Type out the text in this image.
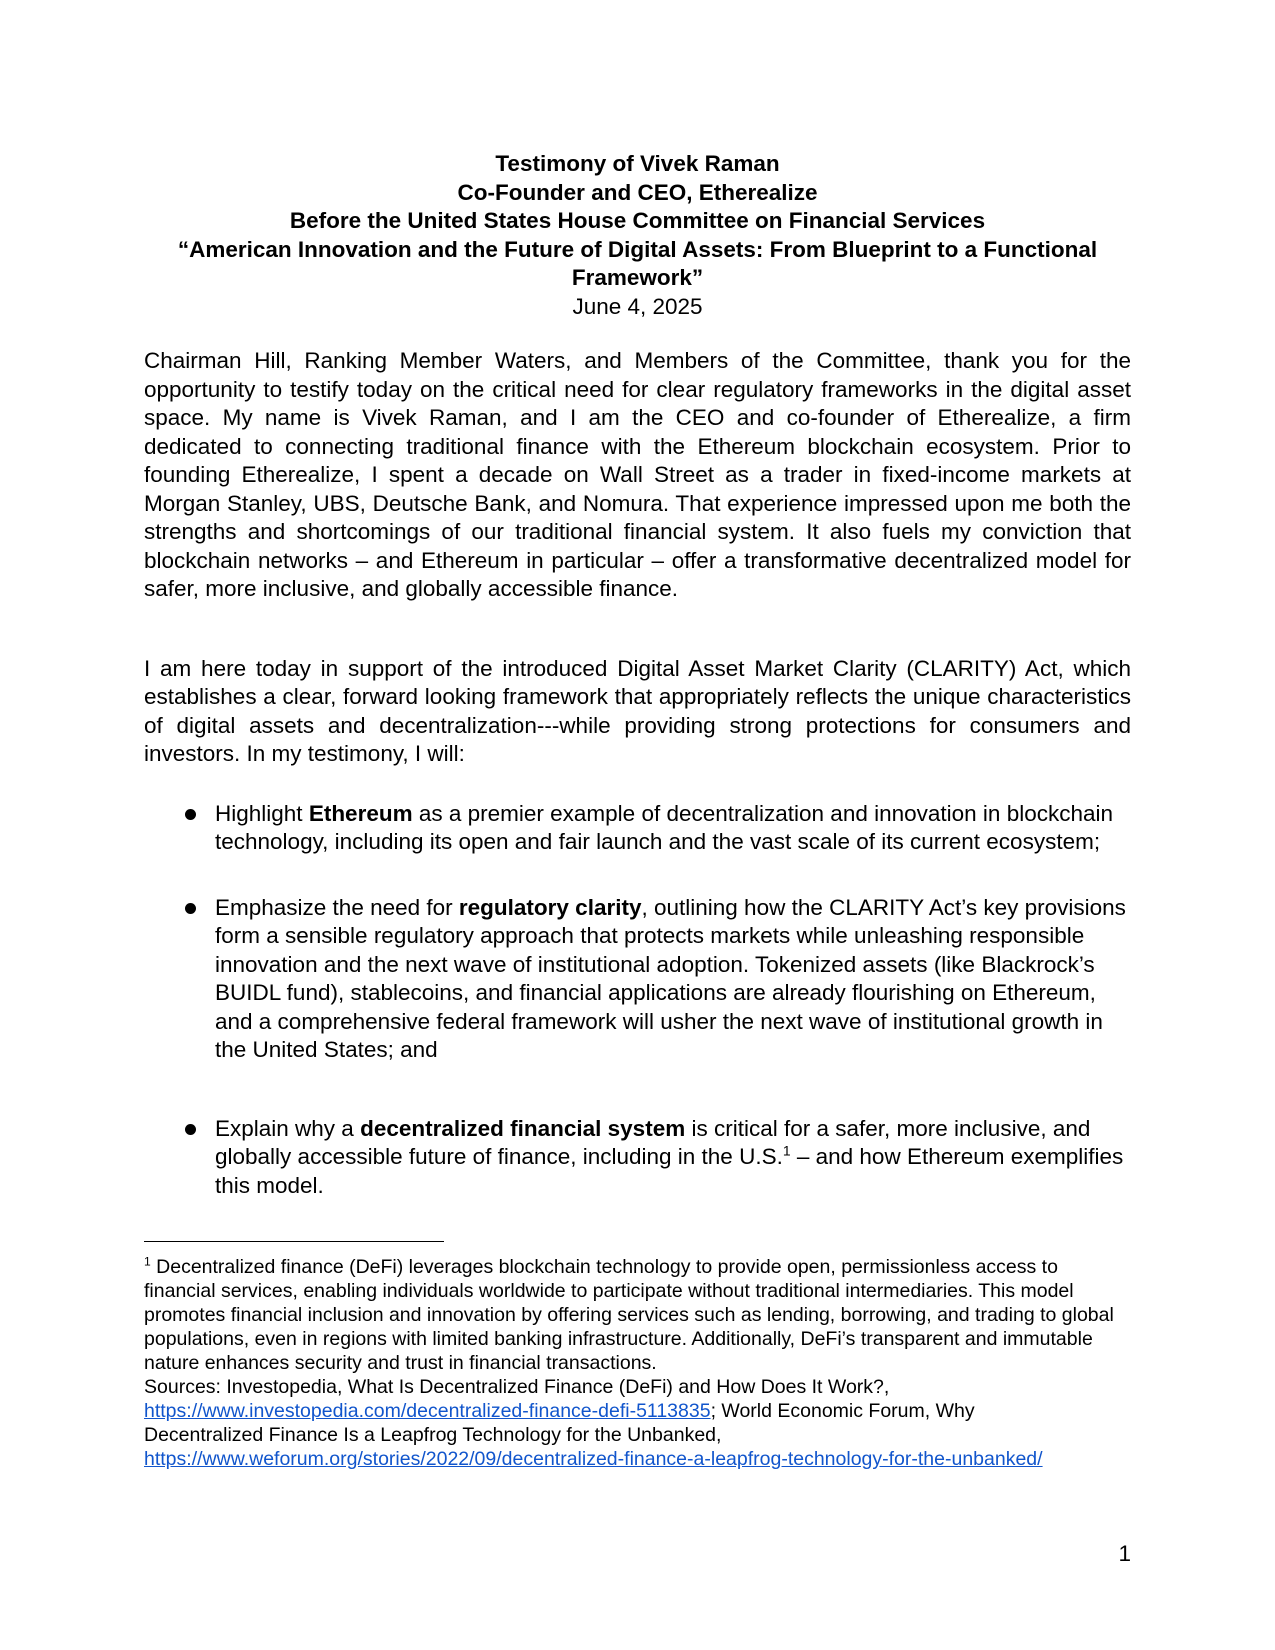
Testimony of Vivek Raman
Co-Founder and CEO, Etherealize
Before the United States House Committee on Financial Services
“American Innovation and the Future of Digital Assets: From Blueprint to a Functional Framework”
June 4, 2025

Chairman Hill, Ranking Member Waters, and Members of the Committee, thank you for the opportunity to testify today on the critical need for clear regulatory frameworks in the digital asset space. My name is Vivek Raman, and I am the CEO and co-founder of Etherealize, a firm dedicated to connecting traditional finance with the Ethereum blockchain ecosystem. Prior to founding Etherealize, I spent a decade on Wall Street as a trader in fixed-income markets at Morgan Stanley, UBS, Deutsche Bank, and Nomura. That experience impressed upon me both the strengths and shortcomings of our traditional financial system. It also fuels my conviction that blockchain networks – and Ethereum in particular – offer a transformative decentralized model for safer, more inclusive, and globally accessible finance.

I am here today in support of the introduced Digital Asset Market Clarity (CLARITY) Act, which establishes a clear, forward looking framework that appropriately reflects the unique characteristics of digital assets and decentralization---while providing strong protections for consumers and investors. In my testimony, I will:

Highlight Ethereum as a premier example of decentralization and innovation in blockchain technology, including its open and fair launch and the vast scale of its current ecosystem;
Emphasize the need for regulatory clarity, outlining how the CLARITY Act’s key provisions form a sensible regulatory approach that protects markets while unleashing responsible innovation and the next wave of institutional adoption. Tokenized assets (like Blackrock’s BUIDL fund), stablecoins, and financial applications are already flourishing on Ethereum, and a comprehensive federal framework will usher the next wave of institutional growth in the United States; and
Explain why a decentralized financial system is critical for a safer, more inclusive, and globally accessible future of finance, including in the U.S.$^1$ – and how Ethereum exemplifies this model.
$^1$ Decentralized finance (DeFi) leverages blockchain technology to provide open, permissionless access to financial services, enabling individuals worldwide to participate without traditional intermediaries. This model promotes financial inclusion and innovation by offering services such as lending, borrowing, and trading to global populations, even in regions with limited banking infrastructure. Additionally, DeFi’s transparent and immutable nature enhances security and trust in financial transactions.
Sources: Investopedia, What Is Decentralized Finance (DeFi) and How Does It Work?,
https://www.investopedia.com/decentralized-finance-defi-5113835; World Economic Forum, Why
Decentralized Finance Is a Leapfrog Technology for the Unbanked,
https://www.weforum.org/stories/2022/09/decentralized-finance-a-leapfrog-technology-for-the-unbanked/
1
